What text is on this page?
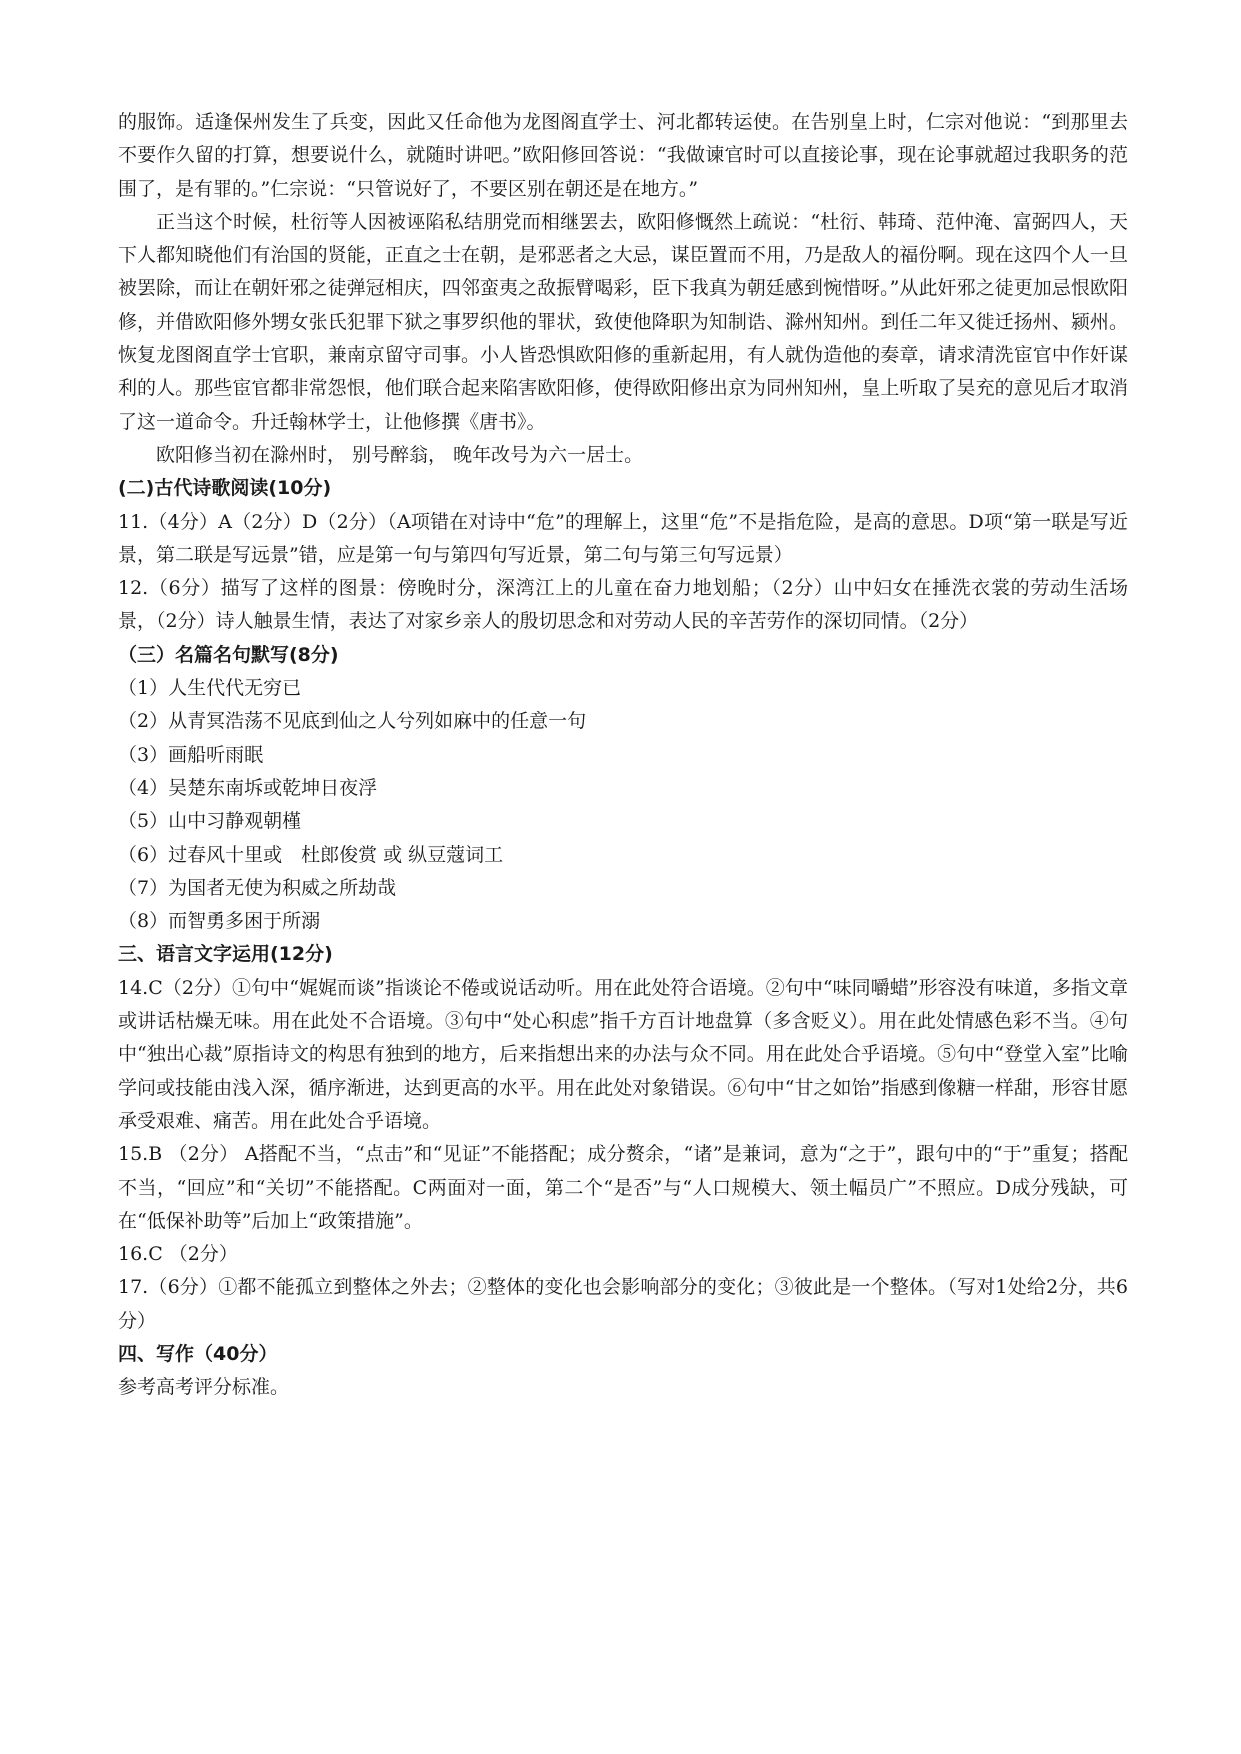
的服饰。适逢保州发生了兵变，因此又任命他为龙图阁直学士、河北都转运使。在告别皇上时，仁宗对他说：“到那里去不要作久留的打算，想要说什么，就随时讲吧。”欧阳修回答说：“我做谏官时可以直接论事，现在论事就超过我职务的范围了，是有罪的。”仁宗说：“只管说好了，不要区别在朝还是在地方。”

正当这个时候，杜衍等人因被诬陷私结朋党而相继罢去，欧阳修慨然上疏说：“杜衍、韩琦、范仲淹、富弼四人，天下人都知晓他们有治国的贤能，正直之士在朝，是邪恶者之大忌，谋臣置而不用，乃是敌人的福份啊。现在这四个人一旦被罢除，而让在朝奸邪之徒弹冠相庆，四邻蛮夷之敌振臂喝彩，臣下我真为朝廷感到惋惜呀。”从此奸邪之徒更加忌恨欧阳修，并借欧阳修外甥女张氏犯罪下狱之事罗织他的罪状，致使他降职为知制诰、滁州知州。到任二年又徙迁扬州、颍州。恢复龙图阁直学士官职，兼南京留守司事。小人皆恐惧欧阳修的重新起用，有人就伪造他的奏章，请求清洗宦官中作奸谋利的人。那些宦官都非常怨恨，他们联合起来陷害欧阳修，使得欧阳修出京为同州知州，皇上听取了吴充的意见后才取消了这一道命令。升迁翰林学士，让他修撰《唐书》。

欧阳修当初在滁州时， 别号醉翁， 晚年改号为六一居士。

(二)古代诗歌阅读(10分)

11.（4分）A（2分）D（2分）（A项错在对诗中“危”的理解上，这里“危”不是指危险，是高的意思。D项“第一联是写近景，第二联是写远景”错，应是第一句与第四句写近景，第二句与第三句写远景）

12.（6分）描写了这样的图景：傍晚时分，深湾江上的儿童在奋力地划船；（2分）山中妇女在捶洗衣裳的劳动生活场景，（2分）诗人触景生情，表达了对家乡亲人的殷切思念和对劳动人民的辛苦劳作的深切同情。（2分）

（三）名篇名句默写(8分)

（1）人生代代无穷已

（2）从青冥浩荡不见底到仙之人兮列如麻中的任意一句

（3）画船听雨眠

（4）吴楚东南坼或乾坤日夜浮

（5）山中习静观朝槿

（6）过春风十里或　杜郎俊赏 或 纵豆蔻词工

（7）为国者无使为积威之所劫哉

（8）而智勇多困于所溺

三、语言文字运用(12分)

14.C（2分）①句中“娓娓而谈”指谈论不倦或说话动听。用在此处符合语境。②句中“味同嚼蜡”形容没有味道，多指文章或讲话枯燥无味。用在此处不合语境。③句中“处心积虑”指千方百计地盘算（多含贬义）。用在此处情感色彩不当。④句中“独出心裁”原指诗文的构思有独到的地方，后来指想出来的办法与众不同。用在此处合乎语境。⑤句中“登堂入室”比喻学问或技能由浅入深，循序渐进，达到更高的水平。用在此处对象错误。⑥句中“甘之如饴”指感到像糖一样甜，形容甘愿承受艰难、痛苦。用在此处合乎语境。

15.B （2分） A搭配不当，“点击”和“见证”不能搭配；成分赘余，“诸”是兼词，意为“之于”，跟句中的“于”重复；搭配不当，“回应”和“关切”不能搭配。C两面对一面，第二个“是否”与“人口规模大、领土幅员广”不照应。D成分残缺，可在“低保补助等”后加上“政策措施”。

16.C （2分）

17.（6分）①都不能孤立到整体之外去；②整体的变化也会影响部分的变化；③彼此是一个整体。（写对1处给2分，共6分）

四、写作（40分）

参考高考评分标准。
